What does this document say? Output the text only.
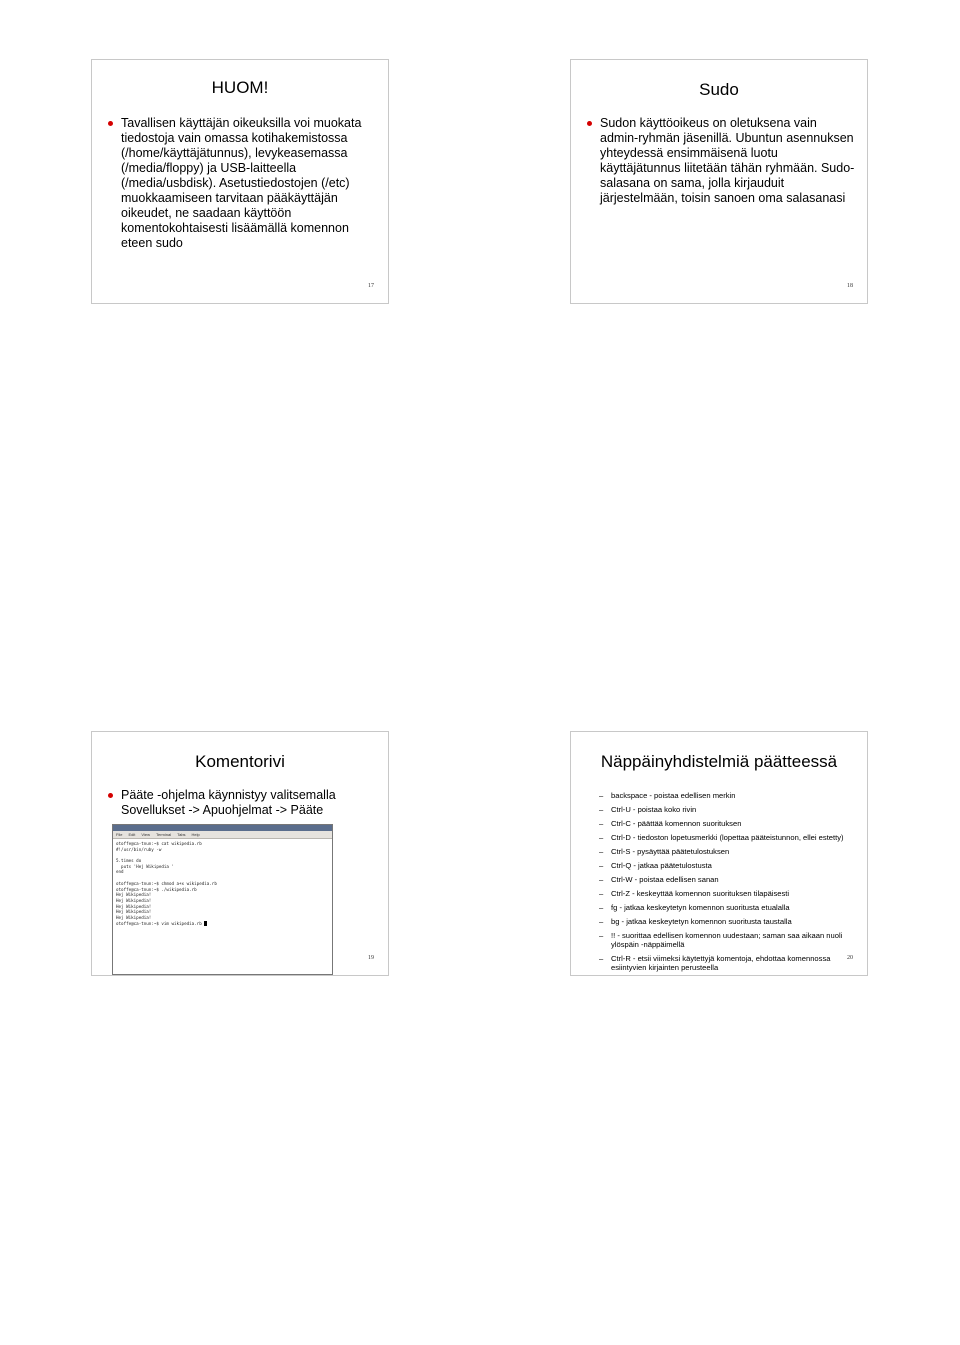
HUOM!
Tavallisen käyttäjän oikeuksilla voi muokata tiedostoja vain omassa kotihakemistossa (/home/käyttäjätunnus), levykeasemassa (/media/floppy) ja USB-laitteella (/media/usbdisk). Asetustiedostojen (/etc) muokkaamiseen tarvitaan pääkäyttäjän oikeudet, ne saadaan käyttöön komentokohtaisesti lisäämällä komennon eteen sudo
17
Sudo
Sudon käyttöoikeus on oletuksena vain admin-ryhmän jäsenillä. Ubuntun asennuksen yhteydessä ensimmäisenä luotu käyttäjätunnus liitetään tähän ryhmään. Sudo-salasana on sama, jolla kirjauduit järjestelmään, toisin sanoen oma salasanasi
18
Komentorivi
Pääte -ohjelma käynnistyy valitsemalla Sovellukset -> Apuohjelmat -> Pääte
File Edit View Terminal Tabs Help
otoffe@ca-tnun:~$ cat wikipedia.rb
#!/usr/bin/ruby -w
5.times do
puts 'Hej Wikipedia '
end
otoffe@ca-tnun:~$ chmod a+x wikipedia.rb
otoffe@ca-tnun:~$ ./wikipedia.rb
Hej Wikipedia!
Hej Wikipedia!
Hej Wikipedia!
Hej Wikipedia!
Hej Wikipedia!
otoffe@ca-tnun:~$ vim wikipedia.rb
19
Näppäinyhdistelmiä päätteessä
– backspace - poistaa edellisen merkin
– Ctrl-U - poistaa koko rivin
– Ctrl-C - päättää komennon suorituksen
– Ctrl-D - tiedoston lopetusmerkki (lopettaa pääteistunnon, ellei estetty)
– Ctrl-S - pysäyttää päätetulostuksen
– Ctrl-Q - jatkaa päätetulostusta
– Ctrl-W - poistaa edellisen sanan
– Ctrl-Z - keskeyttää komennon suorituksen tilapäisesti
– fg - jatkaa keskeytetyn komennon suoritusta etualalla
– bg - jatkaa keskeytetyn komennon suoritusta taustalla
– !! - suorittaa edellisen komennon uudestaan; saman saa aikaan nuoli ylöspäin -näppäimellä
– Ctrl-R - etsii viimeksi käytettyjä komentoja, ehdottaa komennossa esiintyvien kirjainten perusteella
20
